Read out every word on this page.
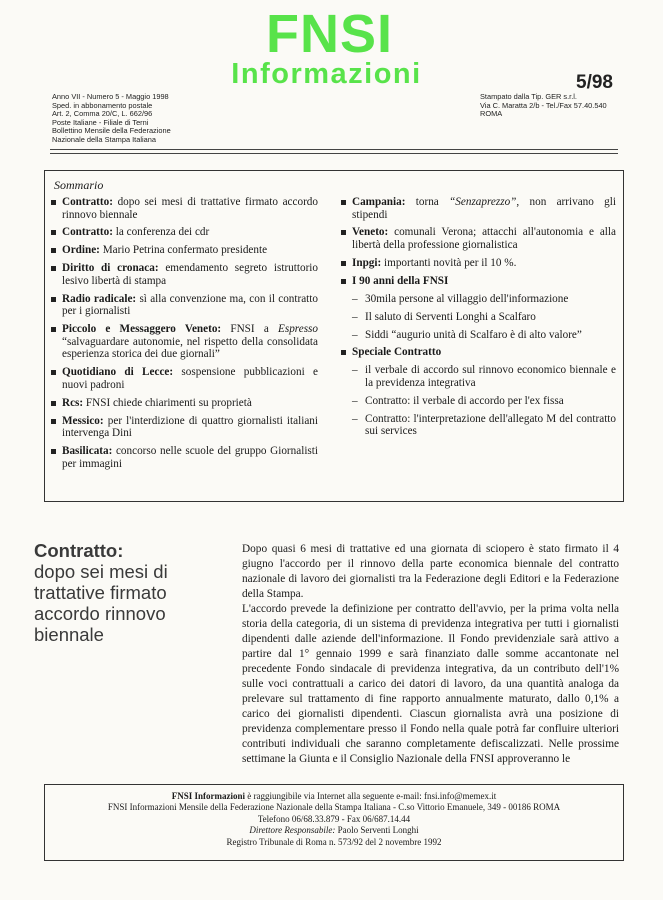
FNSI
Informazioni	5/98
Anno VII - Numero 5 - Maggio 1998
Sped. in abbonamento postale
Art. 2, Comma 20/C, L. 662/96
Poste Italiane - Filiale di Terni
Bollettino Mensile della Federazione
Nazionale della Stampa Italiana
Stampato dalla Tip. GER s.r.l.
Via C. Maratta 2/b - Tel./Fax 57.40.540
ROMA
Sommario
Contratto: dopo sei mesi di trattative firmato accordo rinnovo biennale
Contratto: la conferenza dei cdr
Ordine: Mario Petrina confermato presidente
Diritto di cronaca: emendamento segreto istruttorio lesivo libertà di stampa
Radio radicale: sì alla convenzione ma, con il contratto per i giornalisti
Piccolo e Messaggero Veneto: FNSI a Espresso “salvaguardare autonomie, nel rispetto della consolidata esperienza storica dei due giornali”
Quotidiano di Lecce: sospensione pubblicazioni e nuovi padroni
Rcs: FNSI chiede chiarimenti su proprietà
Messico: per l'interdizione di quattro giornalisti italiani intervenga Dini
Basilicata: concorso nelle scuole del gruppo Giornalisti per immagini
Campania: torna “Senzaprezzo”, non arrivano gli stipendi
Veneto: comunali Verona; attacchi all'autonomia e alla libertà della professione giornalistica
Inpgi: importanti novità per il 10 %.
I 90 anni della FNSI
– 30mila persone al villaggio dell'informazione
– Il saluto di Serventi Longhi a Scalfaro
– Siddi “augurio unità di Scalfaro è di alto valore”
Speciale Contratto
– il verbale di accordo sul rinnovo economico biennale e la previdenza integrativa
– Contratto: il verbale di accordo per l'ex fissa
– Contratto: l'interpretazione dell'allegato M del contratto sui services
Contratto:
dopo sei mesi di trattative firmato accordo rinnovo biennale

Dopo quasi 6 mesi di trattative ed una giornata di sciopero è stato firmato il 4 giugno l'accordo per il rinnovo della parte economica biennale del contratto nazionale di lavoro dei giornalisti tra la Federazione degli Editori e la Federazione della Stampa.

L'accordo prevede la definizione per contratto dell'avvio, per la prima volta nella storia della categoria, di un sistema di previdenza integrativa per tutti i giornalisti dipendenti dalle aziende dell'informazione. Il Fondo previdenziale sarà attivo a partire dal 1° gennaio 1999 e sarà finanziato dalle somme accantonate nel precedente Fondo sindacale di previdenza integrativa, da un contributo dell'1% sulle voci contrattuali a carico dei datori di lavoro, da una quantità analoga da prelevare sul trattamento di fine rapporto annualmente maturato, dallo 0,1% a carico dei giornalisti dipendenti. Ciascun giornalista avrà una posizione di previdenza complementare presso il Fondo nella quale potrà far confluire ulteriori contributi individuali che saranno completamente defiscalizzati. Nelle prossime settimane la Giunta e il Consiglio Nazionale della FNSI approveranno le

FNSI Informazioni è raggiungibile via Internet alla seguente e-mail: fnsi.info@memex.it
FNSI Informazioni Mensile della Federazione Nazionale della Stampa Italiana - C.so Vittorio Emanuele, 349 - 00186 ROMA
Telefono 06/68.33.879 - Fax 06/687.14.44
Direttore Responsabile: Paolo Serventi Longhi
Registro Tribunale di Roma n. 573/92 del 2 novembre 1992
